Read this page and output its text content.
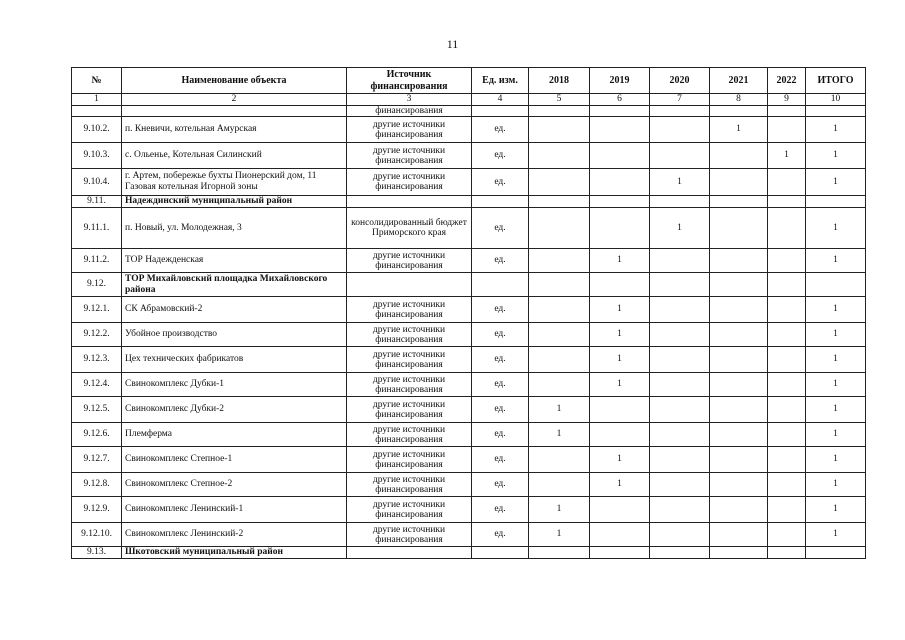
11
№	Наименование объекта	Источник финансирования	Ед. изм.	2018	2019	2020	2021	2022	ИТОГО
1	2	3	4	5	6	7	8	9	10
		финансирования							
9.10.2.	п. Кневичи, котельная Амурская	другие источники финансирования	ед.				1		1
9.10.3.	с. Ольенье, Котельная Силинский	другие источники финансирования	ед.					1	1
9.10.4.	г. Артем, побережье бухты Пионерский дом, 11 Газовая котельная Игорной зоны	другие источники финансирования	ед.			1			1
9.11.	Надеждинский муниципальный район								
9.11.1.	п. Новый, ул. Молодежная, 3	консолидированный бюджет Приморского края	ед.			1			1
9.11.2.	ТОР Надежденская	другие источники финансирования	ед.		1				1
9.12.	ТОР Михайловский площадка Михайловского района								
9.12.1.	СК Абрамовский-2	другие источники финансирования	ед.		1				1
9.12.2.	Убойное производство	другие источники финансирования	ед.		1				1
9.12.3.	Цех технических фабрикатов	другие источники финансирования	ед.		1				1
9.12.4.	Свинокомплекс Дубки-1	другие источники финансирования	ед.		1				1
9.12.5.	Свинокомплекс Дубки-2	другие источники финансирования	ед.	1					1
9.12.6.	Племферма	другие источники финансирования	ед.	1					1
9.12.7.	Свинокомплекс Степное-1	другие источники финансирования	ед.		1				1
9.12.8.	Свинокомплекс Степное-2	другие источники финансирования	ед.		1				1
9.12.9.	Свинокомплекс Ленинский-1	другие источники финансирования	ед.	1					1
9.12.10.	Свинокомплекс Ленинский-2	другие источники финансирования	ед.	1					1
9.13.	Шкотовский муниципальный район								
